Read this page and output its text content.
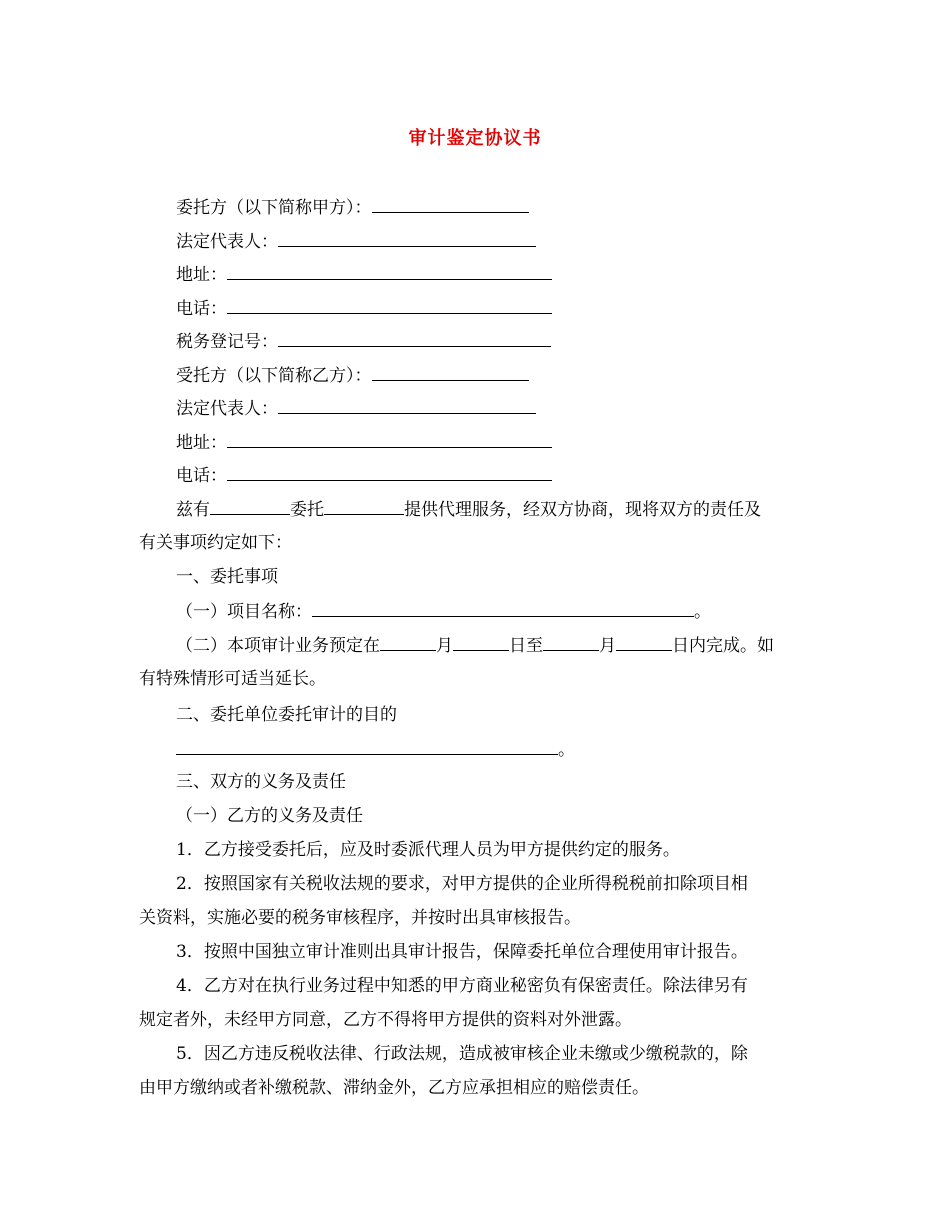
审计鉴定协议书
委托方（以下简称甲方）：
法定代表人：
地址：
电话：
税务登记号：
受托方（以下简称乙方）：
法定代表人：
地址：
电话：
兹有	委托	提供代理服务，经双方协商，现将双方的责任及
有关事项约定如下：
一、委托事项
（一）项目名称：	。
（二）本项审计业务预定在	月	日至	月	日内完成。如
有特殊情形可适当延长。
二、委托单位委托审计的目的
。
三、双方的义务及责任
（一）乙方的义务及责任
1．乙方接受委托后，应及时委派代理人员为甲方提供约定的服务。
2．按照国家有关税收法规的要求，对甲方提供的企业所得税税前扣除项目相
关资料，实施必要的税务审核程序，并按时出具审核报告。
3．按照中国独立审计准则出具审计报告，保障委托单位合理使用审计报告。
4．乙方对在执行业务过程中知悉的甲方商业秘密负有保密责任。除法律另有
规定者外，未经甲方同意，乙方不得将甲方提供的资料对外泄露。
5．因乙方违反税收法律、行政法规，造成被审核企业未缴或少缴税款的，除
由甲方缴纳或者补缴税款、滞纳金外，乙方应承担相应的赔偿责任。
